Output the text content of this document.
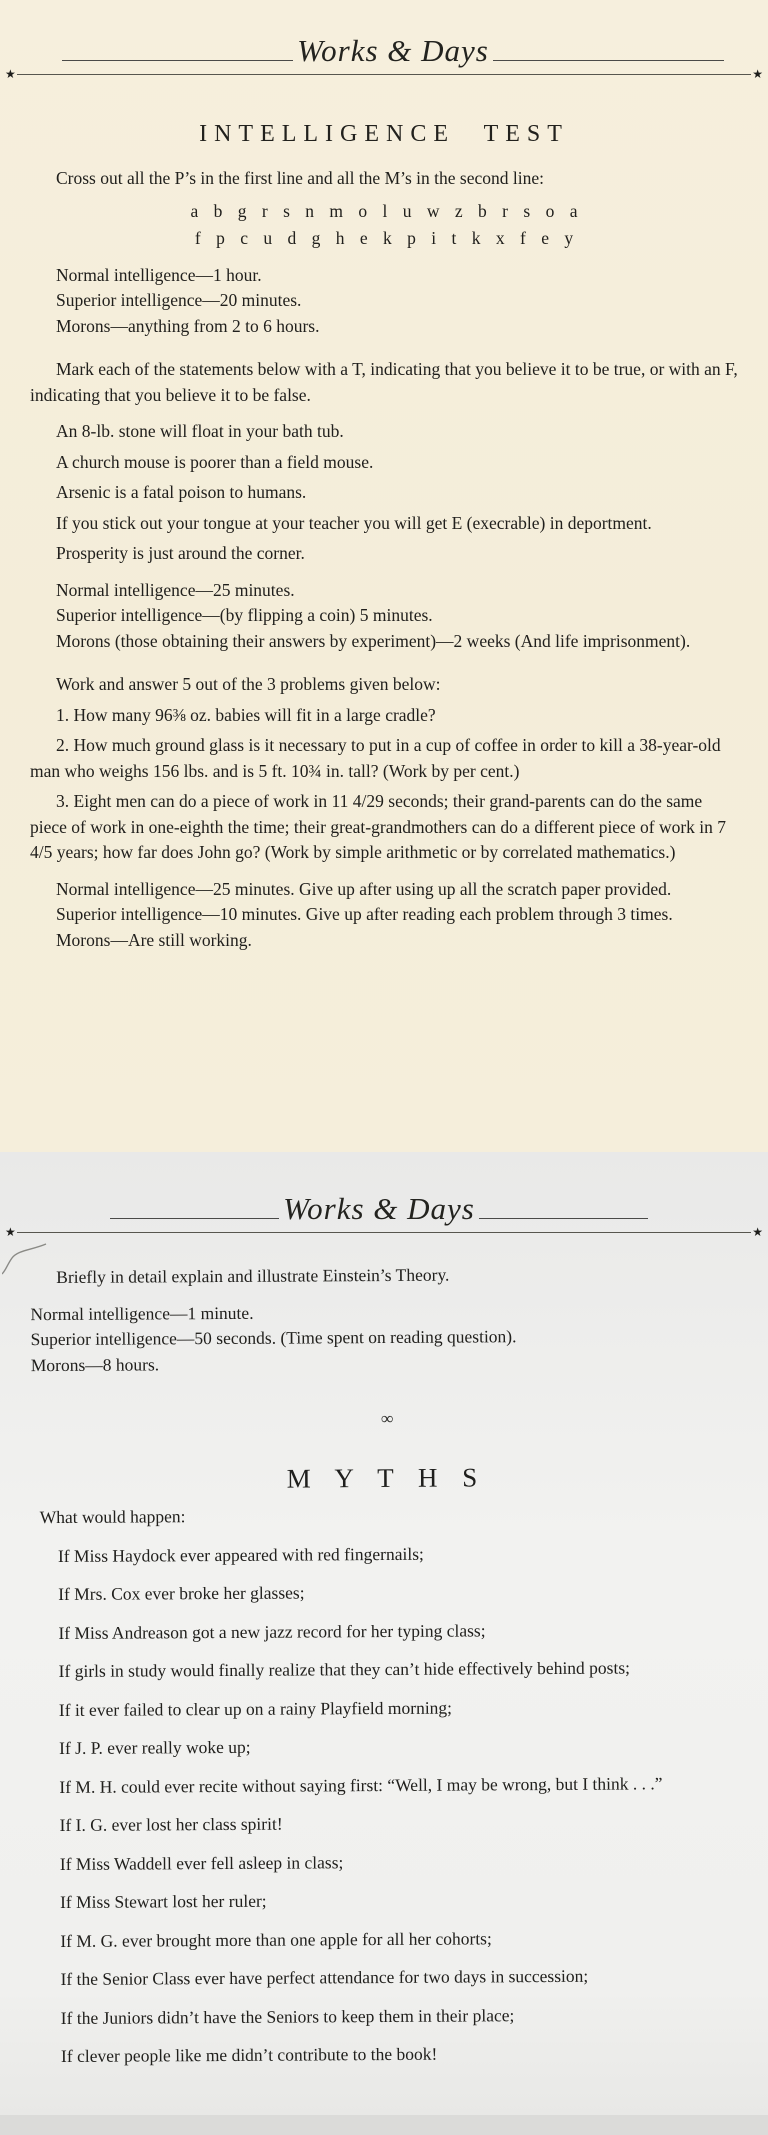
Works & Days
★	★
INTELLIGENCE TEST

Cross out all the P’s in the first line and all the M’s in the second line:

a b g r s n m o l u w z b r s o a

f p c u d g h e k p i t k x f e y

Normal intelligence—1 hour.

Superior intelligence—20 minutes.

Morons—anything from 2 to 6 hours.

Mark each of the statements below with a T, indicating that you believe it to be true, or with an F, indicating that you believe it to be false.

An 8-lb. stone will float in your bath tub.

A church mouse is poorer than a field mouse.

Arsenic is a fatal poison to humans.

If you stick out your tongue at your teacher you will get E (execrable) in deportment.

Prosperity is just around the corner.

Normal intelligence—25 minutes.

Superior intelligence—(by flipping a coin) 5 minutes.

Morons (those obtaining their answers by experiment)—2 weeks (And life imprisonment).

Work and answer 5 out of the 3 problems given below:

1. How many 96⅜ oz. babies will fit in a large cradle?

2. How much ground glass is it necessary to put in a cup of coffee in order to kill a 38-year-old man who weighs 156 lbs. and is 5 ft. 10¾ in. tall? (Work by per cent.)

3. Eight men can do a piece of work in 11 4/29 seconds; their grand-parents can do the same piece of work in one-eighth the time; their great-grandmothers can do a different piece of work in 7 4/5 years; how far does John go? (Work by simple arithmetic or by correlated mathematics.)

Normal intelligence—25 minutes. Give up after using up all the scratch paper provided.

Superior intelligence—10 minutes. Give up after reading each problem through 3 times.

Morons—Are still working.

Works & Days
★	★

Briefly in detail explain and illustrate Einstein’s Theory.

Normal intelligence—1 minute.

Superior intelligence—50 seconds. (Time spent on reading question).

Morons—8 hours.

∞
M Y T H S

What would happen:

If Miss Haydock ever appeared with red fingernails;

If Mrs. Cox ever broke her glasses;

If Miss Andreason got a new jazz record for her typing class;

If girls in study would finally realize that they can’t hide effectively behind posts;

If it ever failed to clear up on a rainy Playfield morning;

If J. P. ever really woke up;

If M. H. could ever recite without saying first: “Well, I may be wrong, but I think . . .”

If I. G. ever lost her class spirit!

If Miss Waddell ever fell asleep in class;

If Miss Stewart lost her ruler;

If M. G. ever brought more than one apple for all her cohorts;

If the Senior Class ever have perfect attendance for two days in succession;

If the Juniors didn’t have the Seniors to keep them in their place;

If clever people like me didn’t contribute to the book!
